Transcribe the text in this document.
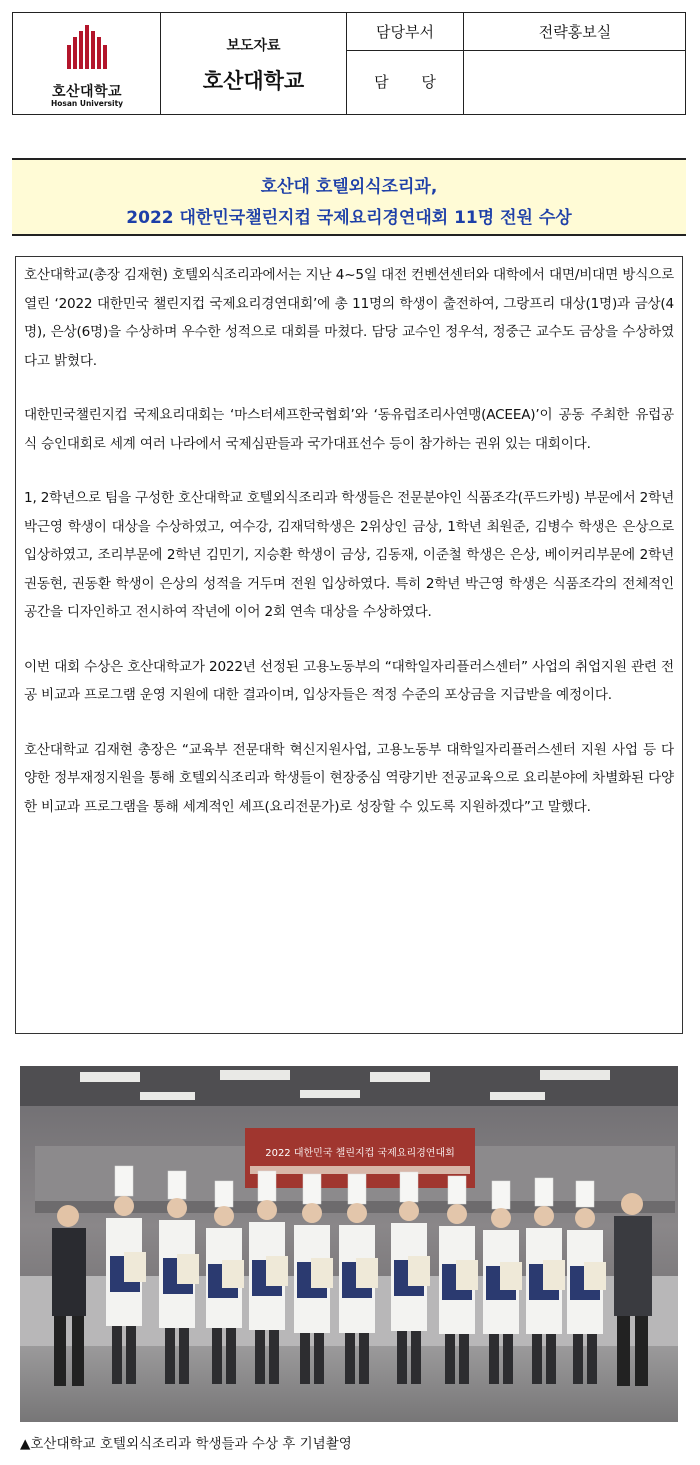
호산대학교
Hosan University
보도자료
호산대학교
담당부서	전략홍보실
담 당
호산대 호텔외식조리과,
2022 대한민국챌린지컵 국제요리경연대회 11명 전원 수상

호산대학교(총장 김재현) 호텔외식조리과에서는 지난 4~5일 대전 컨벤션센터와 대학에서 대면/비대면 방식으로 열린 ‘2022 대한민국 챌린지컵 국제요리경연대회’에 총 11명의 학생이 출전하여, 그랑프리 대상(1명)과 금상(4명), 은상(6명)을 수상하며 우수한 성적으로 대회를 마쳤다. 담당 교수인 정우석, 정중근 교수도 금상을 수상하였다고 밝혔다.

대한민국챌린지컵 국제요리대회는 ‘마스터셰프한국협회’와 ‘동유럽조리사연맹(ACEEA)’이 공동 주최한 유럽공식 승인대회로 세계 여러 나라에서 국제심판들과 국가대표선수 등이 참가하는 권위 있는 대회이다.

1, 2학년으로 팀을 구성한 호산대학교 호텔외식조리과 학생들은 전문분야인 식품조각(푸드카빙) 부문에서 2학년 박근영 학생이 대상을 수상하였고, 여수강, 김재덕학생은 2위상인 금상, 1학년 최원준, 김병수 학생은 은상으로 입상하였고, 조리부문에 2학년 김민기, 지승환 학생이 금상, 김동재, 이준철 학생은 은상, 베이커리부문에 2학년 권동현, 권동환 학생이 은상의 성적을 거두며 전원 입상하였다. 특히 2학년 박근영 학생은 식품조각의 전체적인 공간을 디자인하고 전시하여 작년에 이어 2회 연속 대상을 수상하였다.

이번 대회 수상은 호산대학교가 2022년 선정된 고용노동부의 “대학일자리플러스센터” 사업의 취업지원 관련 전공 비교과 프로그램 운영 지원에 대한 결과이며, 입상자들은 적정 수준의 포상금을 지급받을 예정이다.

호산대학교 김재현 총장은 “교육부 전문대학 혁신지원사업, 고용노동부 대학일자리플러스센터 지원 사업 등 다양한 정부재정지원을 통해 호텔외식조리과 학생들이 현장중심 역량기반 전공교육으로 요리분야에 차별화된 다양한 비교과 프로그램을 통해 세계적인 셰프(요리전문가)로 성장할 수 있도록 지원하겠다”고 말했다.

2022 대한민국 챌린지컵 국제요리경연대회
▲호산대학교 호텔외식조리과 학생들과 수상 후 기념촬영
